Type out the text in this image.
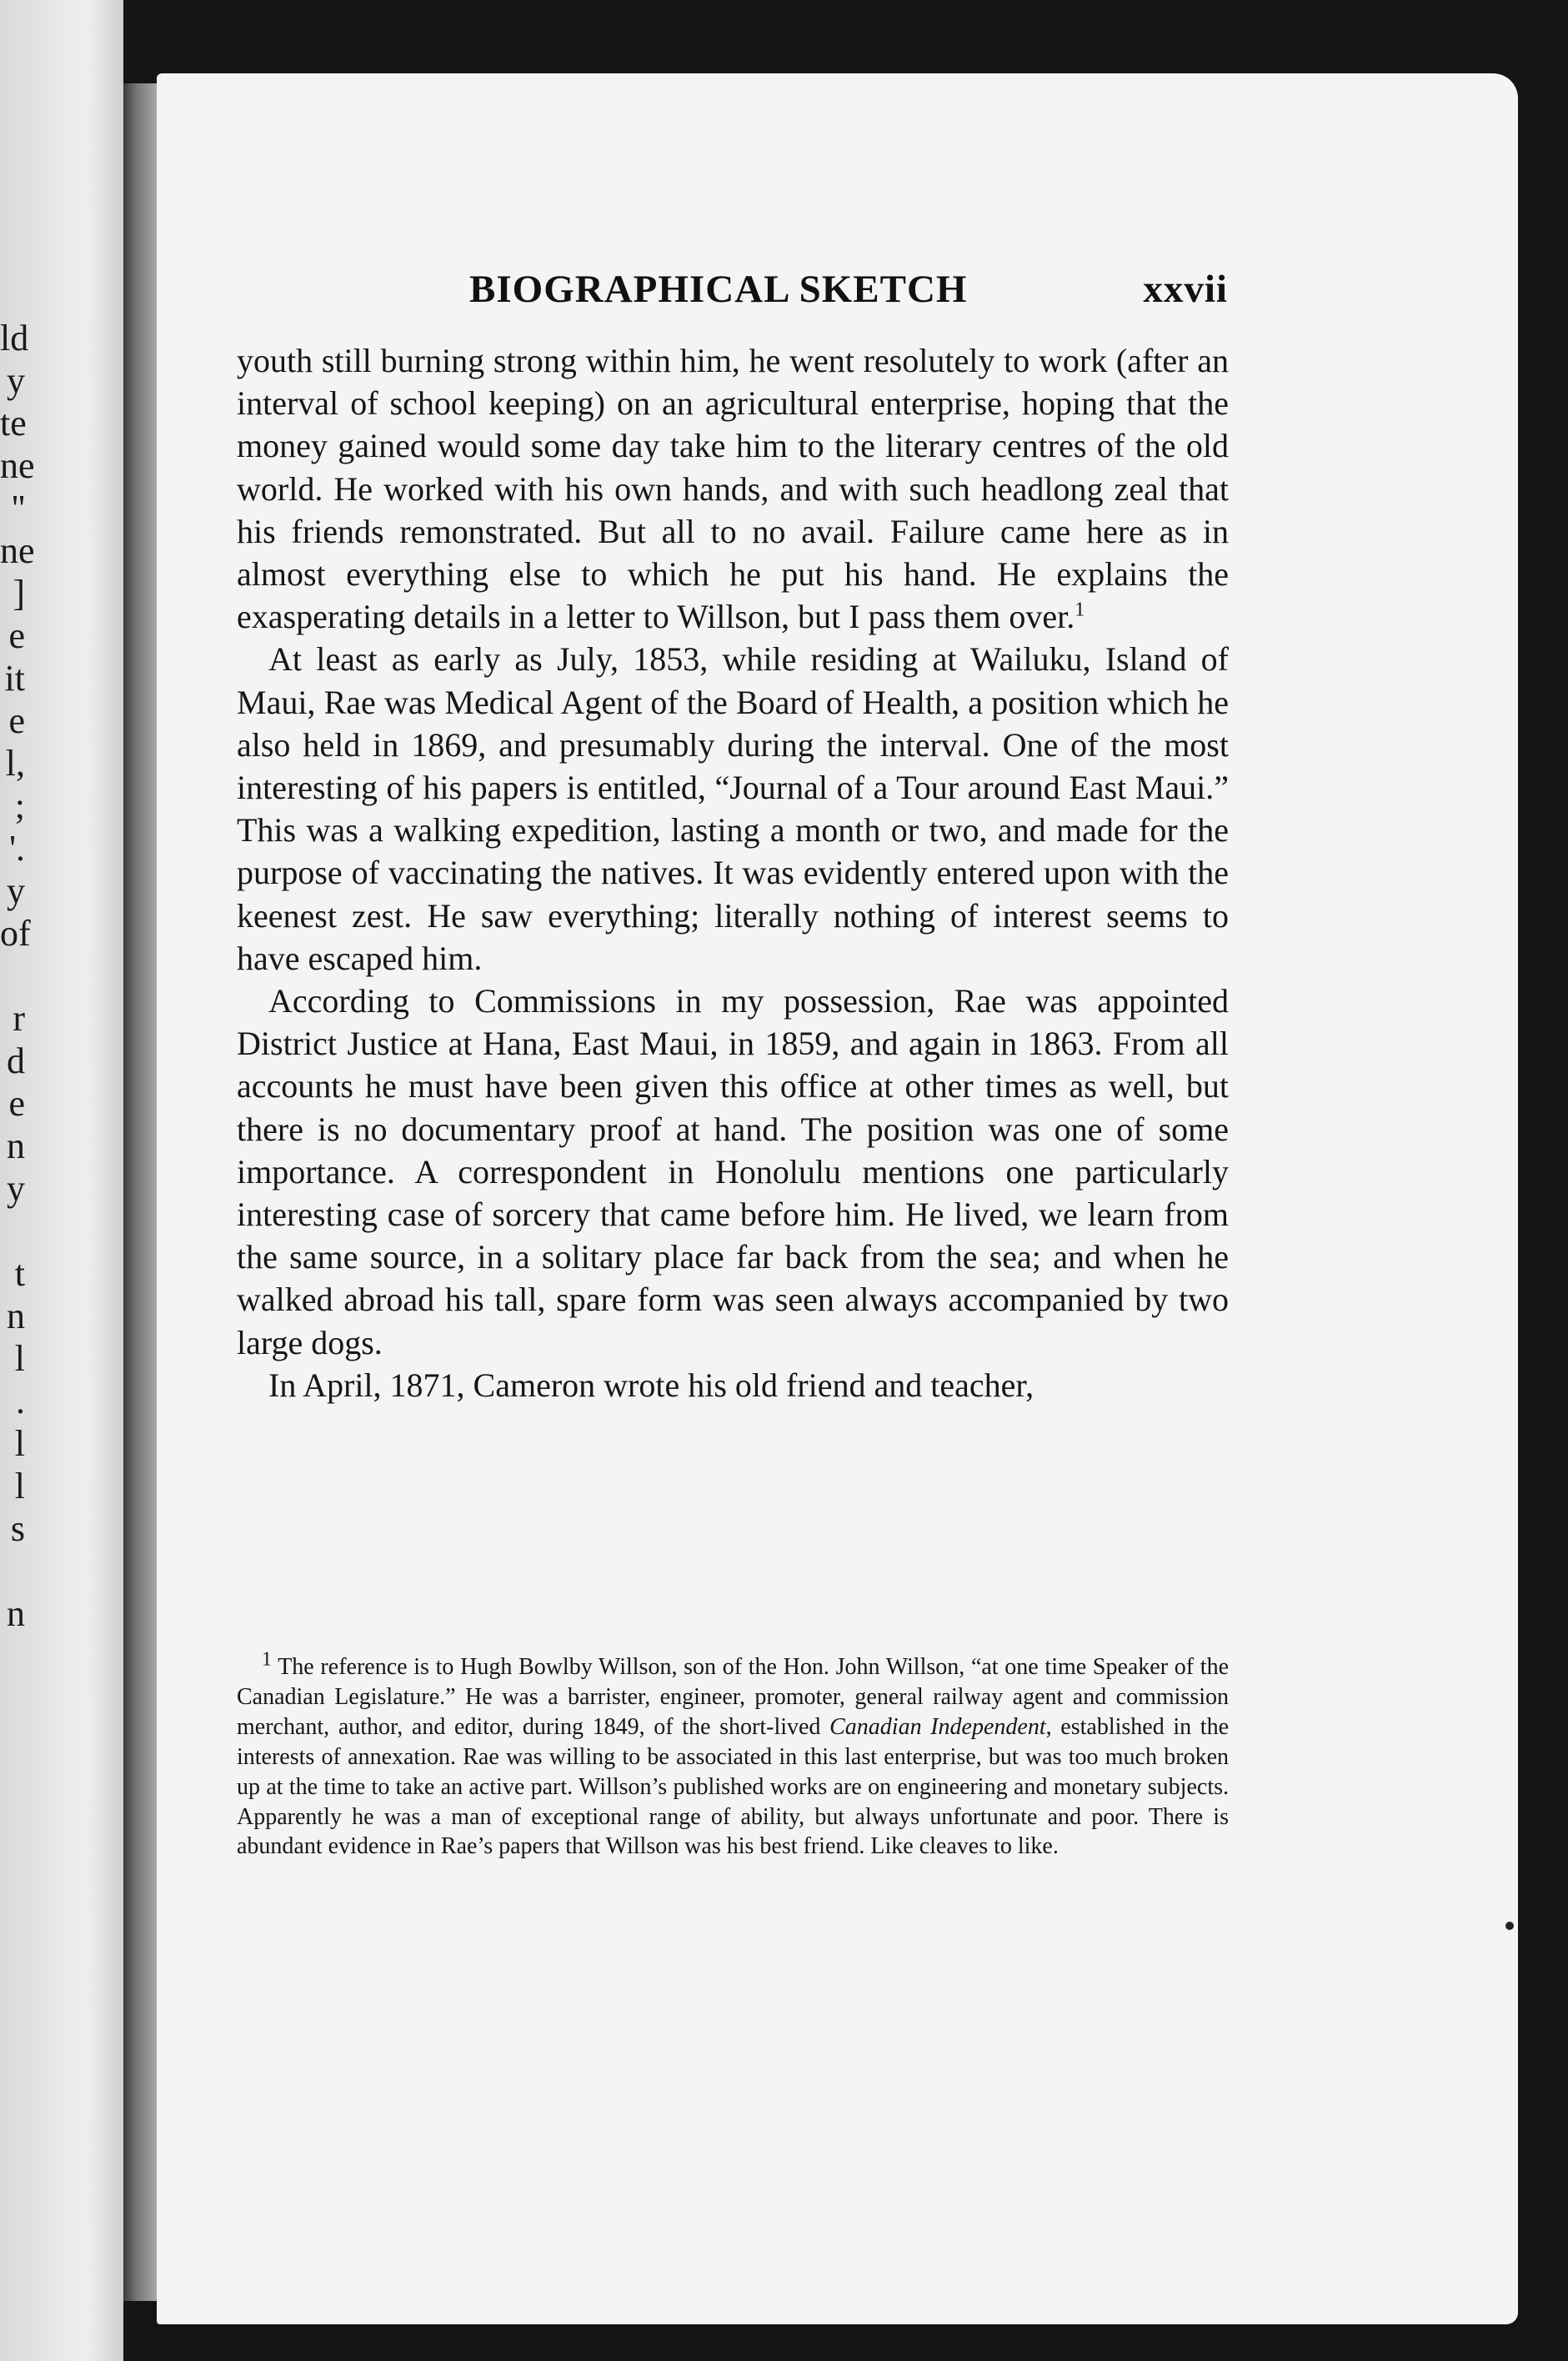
ld
y
te
ne
''
ne
]
e
it
e
l,
;
'.
y
of

r
d
e
n
y

t
n
l
.
l
l
s

n
BIOGRAPHICAL SKETCH	xxvii

youth still burning strong within him, he went resolutely to work (after an interval of school keeping) on an agricultural enterprise, hoping that the money gained would some day take him to the literary centres of the old world. He worked with his own hands, and with such headlong zeal that his friends remonstrated. But all to no avail. Failure came here as in almost everything else to which he put his hand. He explains the exasperating details in a letter to Willson, but I pass them over.$^1$

At least as early as July, 1853, while residing at Wailuku, Island of Maui, Rae was Medical Agent of the Board of Health, a position which he also held in 1869, and presumably during the interval. One of the most interesting of his papers is entitled, “Journal of a Tour around East Maui.” This was a walking expedition, lasting a month or two, and made for the purpose of vaccinating the natives. It was evidently entered upon with the keenest zest. He saw everything; literally nothing of interest seems to have escaped him.

According to Commissions in my possession, Rae was appointed District Justice at Hana, East Maui, in 1859, and again in 1863. From all accounts he must have been given this office at other times as well, but there is no documentary proof at hand. The position was one of some importance. A correspondent in Honolulu mentions one particularly interesting case of sorcery that came before him. He lived, we learn from the same source, in a solitary place far back from the sea; and when he walked abroad his tall, spare form was seen always accompanied by two large dogs.

In April, 1871, Cameron wrote his old friend and teacher,

$^1$ The reference is to Hugh Bowlby Willson, son of the Hon. John Willson, “at one time Speaker of the Canadian Legislature.” He was a barrister, engineer, promoter, general railway agent and commission merchant, author, and editor, during 1849, of the short-lived Canadian Independent, established in the interests of annexation. Rae was willing to be associated in this last enterprise, but was too much broken up at the time to take an active part. Willson’s published works are on engineering and monetary subjects. Apparently he was a man of exceptional range of ability, but always unfortunate and poor. There is abundant evidence in Rae’s papers that Willson was his best friend. Like cleaves to like.
